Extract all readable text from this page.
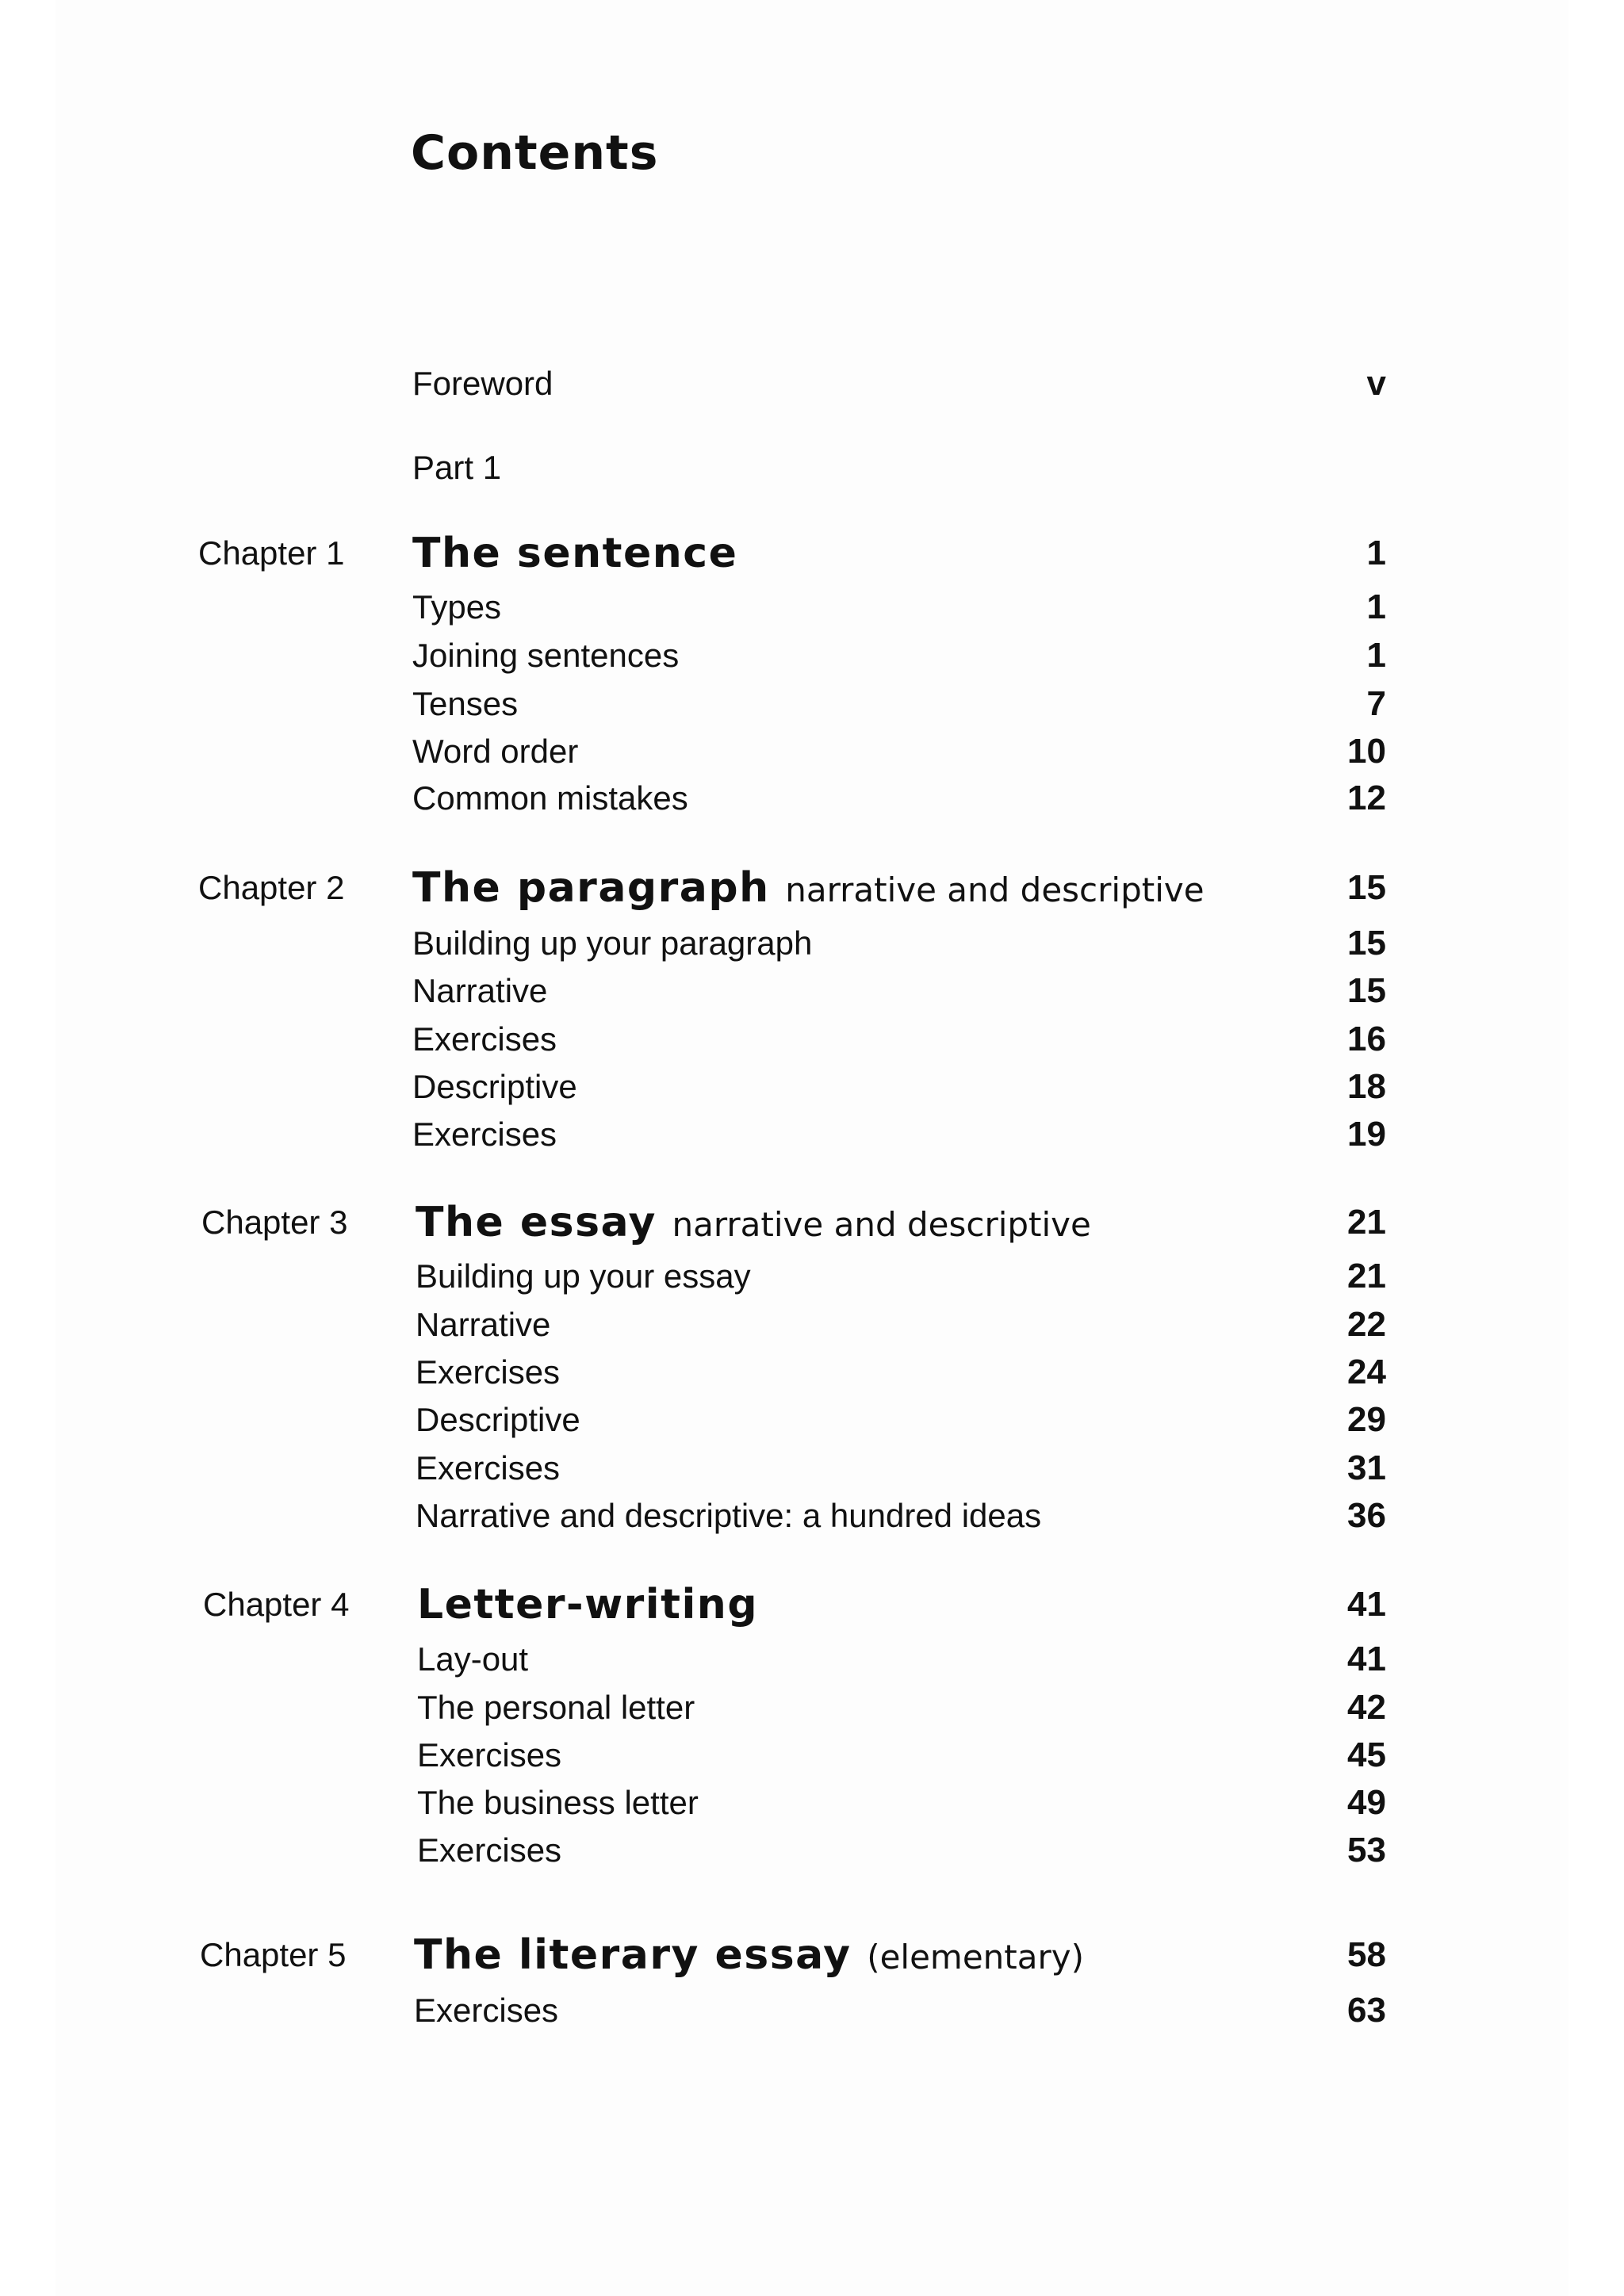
Contents
Foreword	v
Part 1
Chapter 1 The sentence	1
Types	1
Joining sentences	1
Tenses	7
Word order	10
Common mistakes	12
Chapter 2 The paragraph narrative and descriptive	15
Building up your paragraph	15
Narrative	15
Exercises	16
Descriptive	18
Exercises	19
Chapter 3 The essay narrative and descriptive	21
Building up your essay	21
Narrative	22
Exercises	24
Descriptive	29
Exercises	31
Narrative and descriptive: a hundred ideas	36
Chapter 4 Letter-writing	41
Lay-out	41
The personal letter	42
Exercises	45
The business letter	49
Exercises	53
Chapter 5 The literary essay (elementary)	58
Exercises	63
